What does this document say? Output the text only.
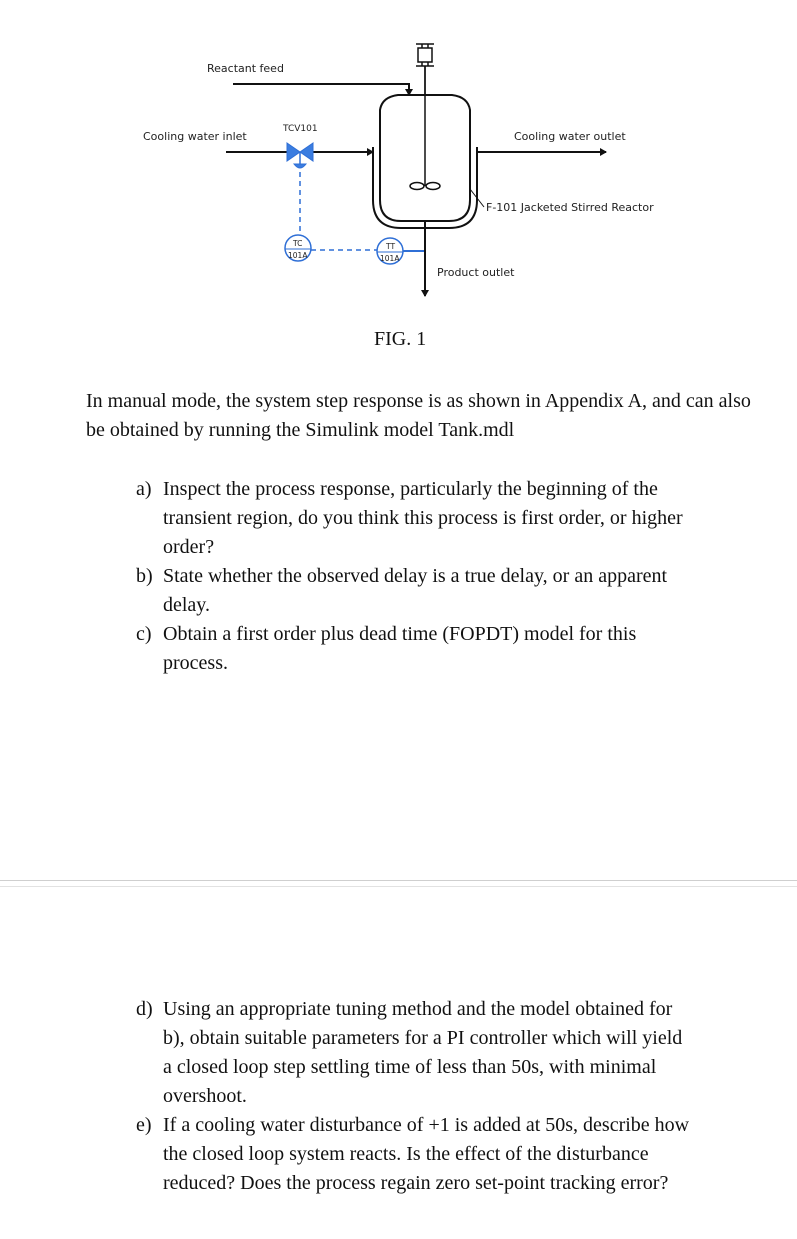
Reactant feed
Cooling water inlet
TCV101
Cooling water outlet
F-101 Jacketed Stirred Reactor
TC
101A
TT
101A
Product outlet
FIG. 1
In manual mode, the system step response is as shown in Appendix A, and can also be obtained by running the Simulink model Tank.mdl
a) Inspect the process response, particularly the beginning of the transient region, do you think this process is first order, or higher order?
b) State whether the observed delay is a true delay, or an apparent delay.
c) Obtain a first order plus dead time (FOPDT) model for this process.
d) Using an appropriate tuning method and the model obtained for b), obtain suitable parameters for a PI controller which will yield a closed loop step settling time of less than 50s, with minimal overshoot.
e) If a cooling water disturbance of +1 is added at 50s, describe how the closed loop system reacts. Is the effect of the disturbance reduced? Does the process regain zero set-point tracking error?
